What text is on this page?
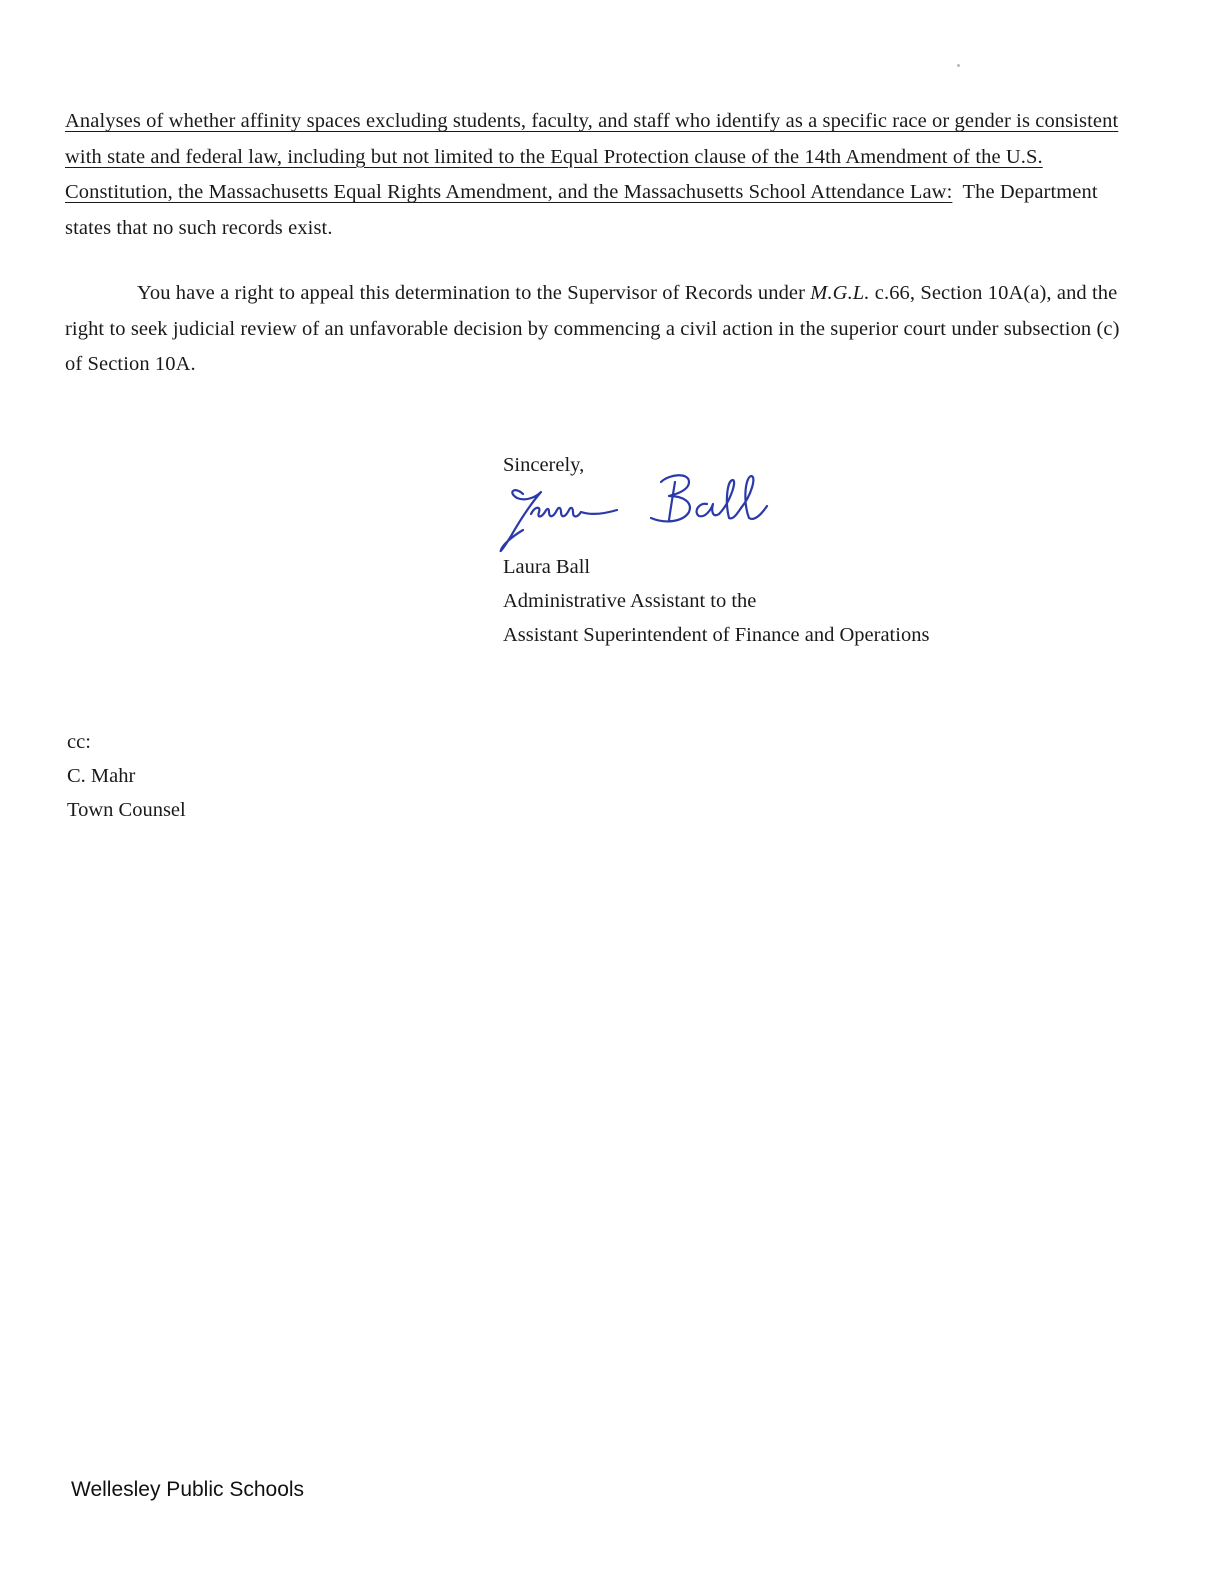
Analyses of whether affinity spaces excluding students, faculty, and staff who identify as a specific race or gender is consistent with state and federal law, including but not limited to the Equal Protection clause of the 14th Amendment of the U.S. Constitution, the Massachusetts Equal Rights Amendment, and the Massachusetts School Attendance Law:  The Department states that no such records exist.

You have a right to appeal this determination to the Supervisor of Records under M.G.L. c.66, Section 10A(a), and the right to seek judicial review of an unfavorable decision by commencing a civil action in the superior court under subsection (c) of Section 10A.

Sincerely,
Laura Ball
Administrative Assistant to the
Assistant Superintendent of Finance and Operations
cc:
C. Mahr
Town Counsel
Wellesley Public Schools
